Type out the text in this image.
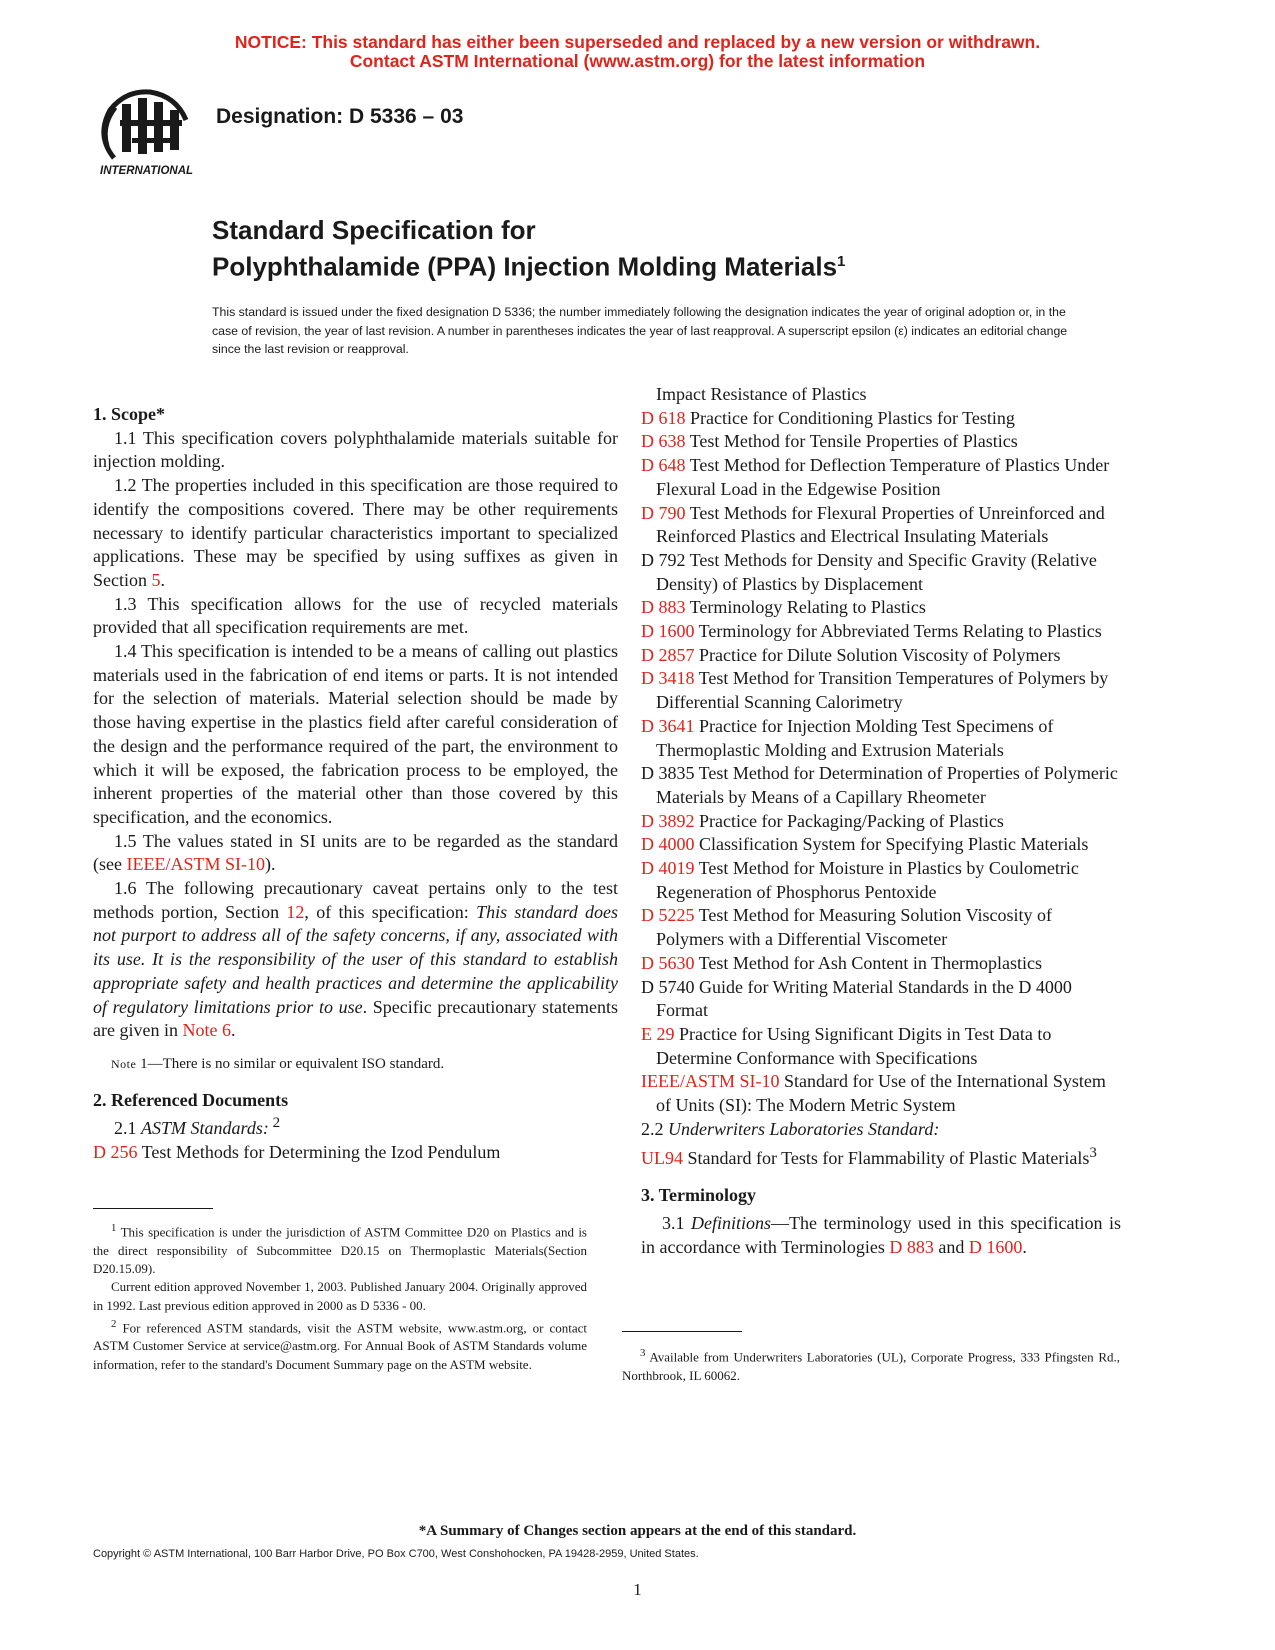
NOTICE: This standard has either been superseded and replaced by a new version or withdrawn.
Contact ASTM International (www.astm.org) for the latest information
INTERNATIONAL
Designation: D 5336 – 03
Standard Specification for
Polyphthalamide (PPA) Injection Molding Materials$^1$
This standard is issued under the fixed designation D 5336; the number immediately following the designation indicates the year of original adoption or, in the case of revision, the year of last revision. A number in parentheses indicates the year of last reapproval. A superscript epsilon (ε) indicates an editorial change since the last revision or reapproval.

1. Scope*

1.1 This specification covers polyphthalamide materials suitable for injection molding.

1.2 The properties included in this specification are those required to identify the compositions covered. There may be other requirements necessary to identify particular characteristics important to specialized applications. These may be specified by using suffixes as given in Section 5.

1.3 This specification allows for the use of recycled materials provided that all specification requirements are met.

1.4 This specification is intended to be a means of calling out plastics materials used in the fabrication of end items or parts. It is not intended for the selection of materials. Material selection should be made by those having expertise in the plastics field after careful consideration of the design and the performance required of the part, the environment to which it will be exposed, the fabrication process to be employed, the inherent properties of the material other than those covered by this specification, and the economics.

1.5 The values stated in SI units are to be regarded as the standard (see IEEE/ASTM SI-10).

1.6 The following precautionary caveat pertains only to the test methods portion, Section 12, of this specification: This standard does not purport to address all of the safety concerns, if any, associated with its use. It is the responsibility of the user of this standard to establish appropriate safety and health practices and determine the applicability of regulatory limitations prior to use. Specific precautionary statements are given in Note 6.

Note 1—There is no similar or equivalent ISO standard.

2. Referenced Documents

2.1 ASTM Standards: $^2$

D 256 Test Methods for Determining the Izod Pendulum

$^1$ This specification is under the jurisdiction of ASTM Committee D20 on Plastics and is the direct responsibility of Subcommittee D20.15 on Thermoplastic Materials(Section D20.15.09).

Current edition approved November 1, 2003. Published January 2004. Originally approved in 1992. Last previous edition approved in 2000 as D 5336 - 00.

$^2$ For referenced ASTM standards, visit the ASTM website, www.astm.org, or contact ASTM Customer Service at service@astm.org. For Annual Book of ASTM Standards volume information, refer to the standard's Document Summary page on the ASTM website.

Impact Resistance of Plastics

D 618 Practice for Conditioning Plastics for Testing

D 638 Test Method for Tensile Properties of Plastics

D 648 Test Method for Deflection Temperature of Plastics Under Flexural Load in the Edgewise Position

D 790 Test Methods for Flexural Properties of Unreinforced and Reinforced Plastics and Electrical Insulating Materials

D 792 Test Methods for Density and Specific Gravity (Relative Density) of Plastics by Displacement

D 883 Terminology Relating to Plastics

D 1600 Terminology for Abbreviated Terms Relating to Plastics

D 2857 Practice for Dilute Solution Viscosity of Polymers

D 3418 Test Method for Transition Temperatures of Polymers by Differential Scanning Calorimetry

D 3641 Practice for Injection Molding Test Specimens of Thermoplastic Molding and Extrusion Materials

D 3835 Test Method for Determination of Properties of Polymeric Materials by Means of a Capillary Rheometer

D 3892 Practice for Packaging/Packing of Plastics

D 4000 Classification System for Specifying Plastic Materials

D 4019 Test Method for Moisture in Plastics by Coulometric Regeneration of Phosphorus Pentoxide

D 5225 Test Method for Measuring Solution Viscosity of Polymers with a Differential Viscometer

D 5630 Test Method for Ash Content in Thermoplastics

D 5740 Guide for Writing Material Standards in the D 4000 Format

E 29 Practice for Using Significant Digits in Test Data to Determine Conformance with Specifications

IEEE/ASTM SI-10 Standard for Use of the International System of Units (SI): The Modern Metric System

2.2 Underwriters Laboratories Standard:

UL94 Standard for Tests for Flammability of Plastic Materials$^3$

3. Terminology

3.1 Definitions—The terminology used in this specification is in accordance with Terminologies D 883 and D 1600.

$^3$ Available from Underwriters Laboratories (UL), Corporate Progress, 333 Pfingsten Rd., Northbrook, IL 60062.

*A Summary of Changes section appears at the end of this standard.
Copyright © ASTM International, 100 Barr Harbor Drive, PO Box C700, West Conshohocken, PA 19428-2959, United States.
1
